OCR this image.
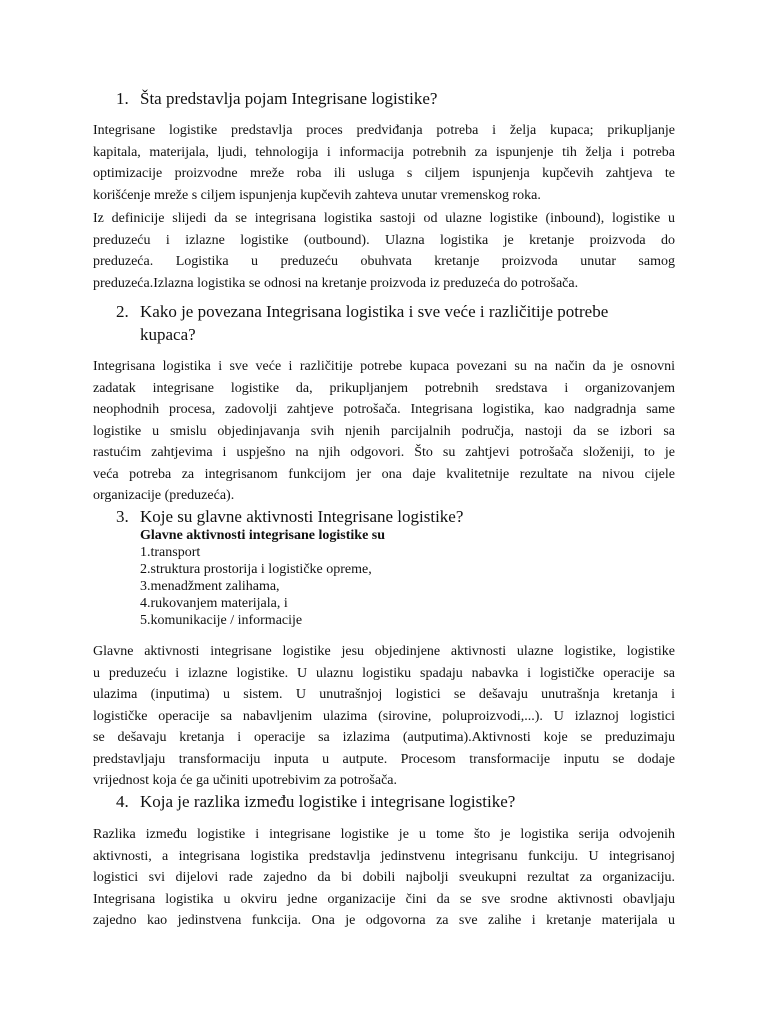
1. Šta predstavlja pojam Integrisane logistike?
Integrisane logistike predstavlja proces predviđanja potreba i želja kupaca; prikupljanje
kapitala, materijala, ljudi, tehnologija i informacija potrebnih za ispunjenje tih želja i potreba
optimizacije proizvodne mreže roba ili usluga s ciljem ispunjenja kupčevih zahtjeva te
korišćenje mreže s ciljem ispunjenja kupčevih zahteva unutar vremenskog roka.
Iz definicije slijedi da se integrisana logistika sastoji od ulazne logistike (inbound), logistike u
preduzeću i izlazne logistike (outbound). Ulazna logistika je kretanje proizvoda do
preduzeća. Logistika u preduzeću obuhvata kretanje proizvoda unutar samog
preduzeća.Izlazna logistika se odnosi na kretanje proizvoda iz preduzeća do potrošača.
2. Kako je povezana Integrisana logistika i sve veće i različitije potrebe
kupaca?
Integrisana logistika i sve veće i različitije potrebe kupaca povezani su na način da je osnovni
zadatak integrisane logistike da, prikupljanjem potrebnih sredstava i organizovanjem
neophodnih procesa, zadovolji zahtjeve potrošača. Integrisana logistika, kao nadgradnja same
logistike u smislu objedinjavanja svih njenih parcijalnih područja, nastoji da se izbori sa
rastućim zahtjevima i uspješno na njih odgovori. Što su zahtjevi potrošača složeniji, to je
veća potreba za integrisanom funkcijom jer ona daje kvalitetnije rezultate na nivou cijele
organizacije (preduzeća).
3. Koje su glavne aktivnosti Integrisane logistike?
Glavne aktivnosti integrisane logistike su
1.transport
2.struktura prostorija i logističke opreme,
3.menadžment zalihama,
4.rukovanjem materijala, i
5.komunikacije / informacije
Glavne aktivnosti integrisane logistike jesu objedinjene aktivnosti ulazne logistike, logistike
u preduzeću i izlazne logistike. U ulaznu logistiku spadaju nabavka i logističke operacije sa
ulazima (inputima) u sistem. U unutrašnjoj logistici se dešavaju unutrašnja kretanja i
logističke operacije sa nabavljenim ulazima (sirovine, poluproizvodi,...). U izlaznoj logistici
se dešavaju kretanja i operacije sa izlazima (autputima).Aktivnosti koje se preduzimaju
predstavljaju transformaciju inputa u autpute. Procesom transformacije inputu se dodaje
vrijednost koja će ga učiniti upotrebivim za potrošača.
4. Koja je razlika između logistike i integrisane logistike?
Razlika između logistike i integrisane logistike je u tome što je logistika serija odvojenih
aktivnosti, a integrisana logistika predstavlja jedinstvenu integrisanu funkciju. U integrisanoj
logistici svi dijelovi rade zajedno da bi dobili najbolji sveukupni rezultat za organizaciju.
Integrisana logistika u okviru jedne organizacije čini da se sve srodne aktivnosti obavljaju
zajedno kao jedinstvena funkcija. Ona je odgovorna za sve zalihe i kretanje materijala u
